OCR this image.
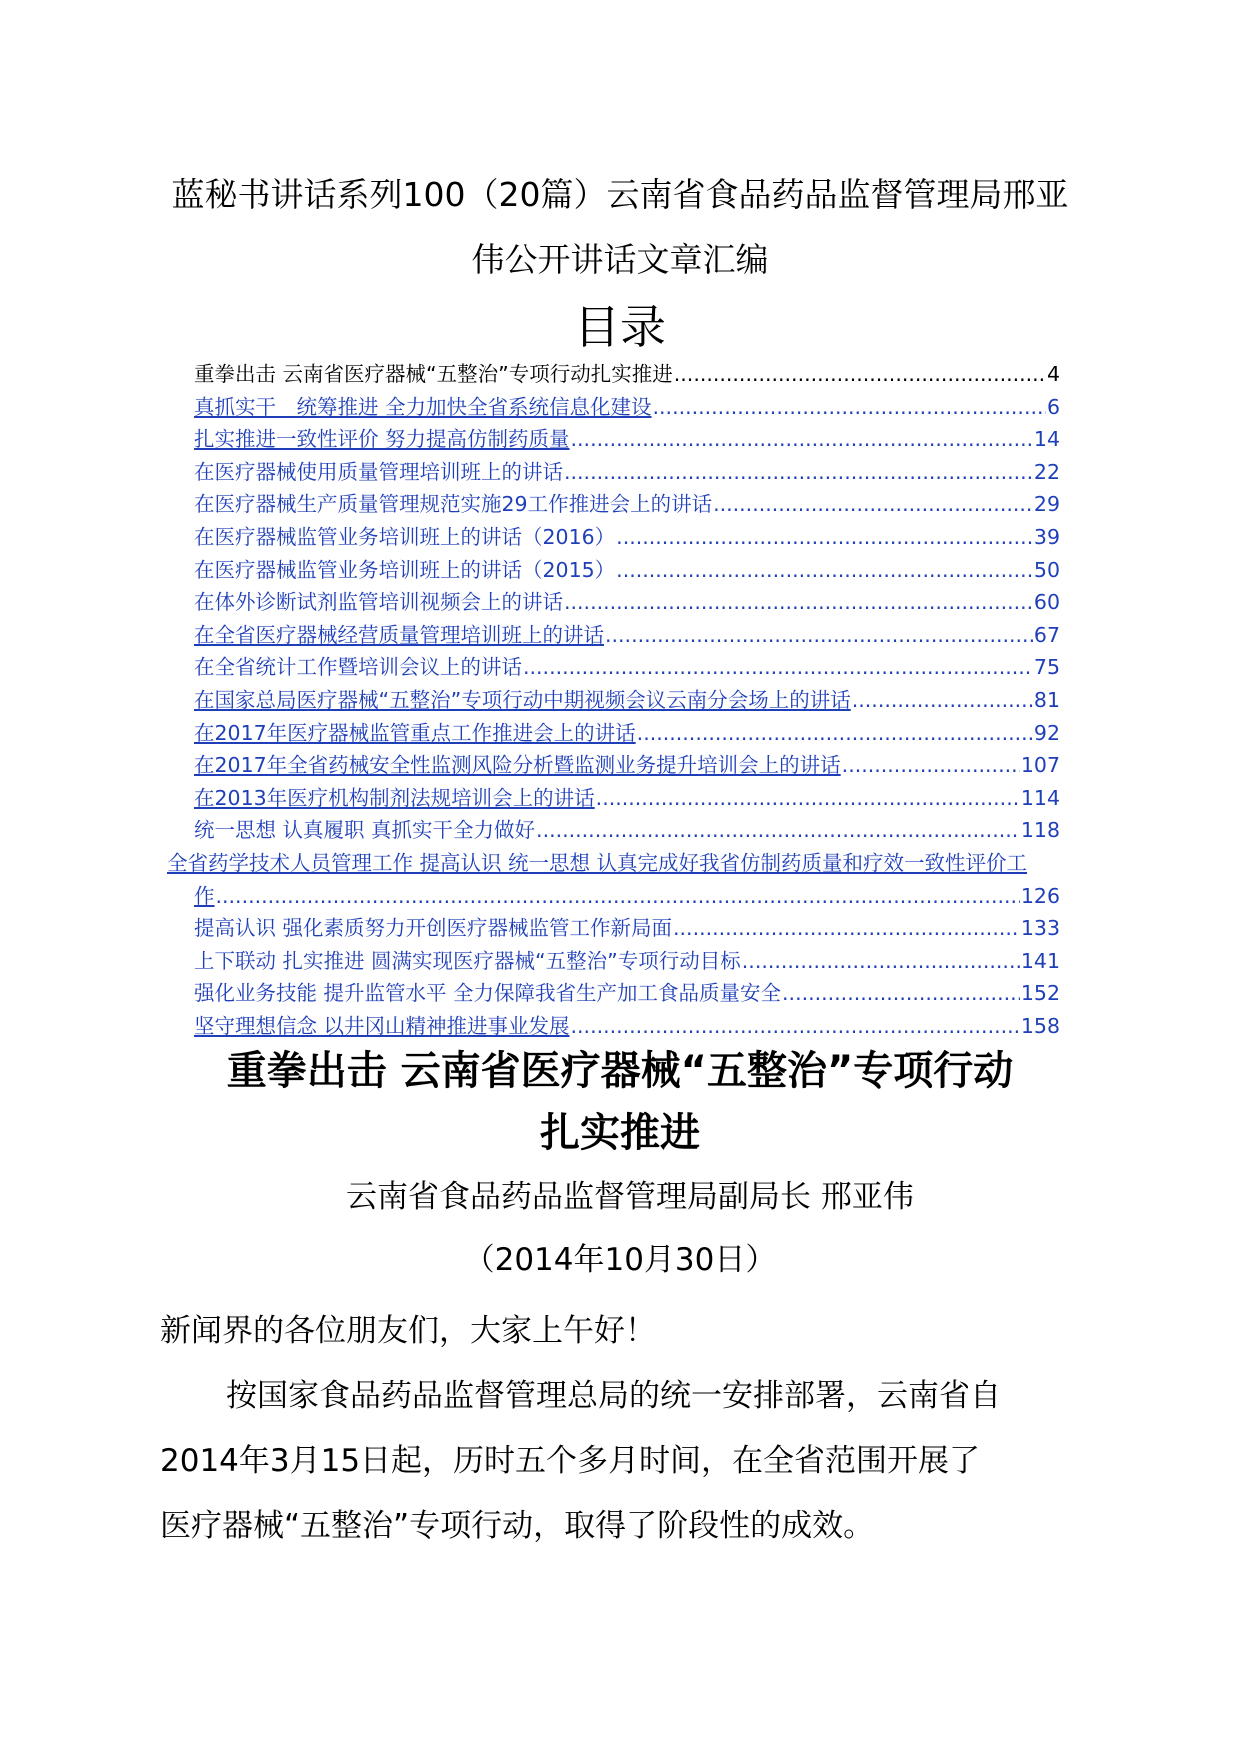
蓝秘书讲话系列100（20篇）云南省食品药品监督管理局邢亚
伟公开讲话文章汇编
目录
重拳出击 云南省医疗器械“五整治”专项行动扎实推进 .....	4
真抓实干　统筹推进 全力加快全省系统信息化建设 .....	6
扎实推进一致性评价 努力提高仿制药质量 .....	14
在医疗器械使用质量管理培训班上的讲话 .....	22
在医疗器械生产质量管理规范实施29工作推进会上的讲话 .....	29
在医疗器械监管业务培训班上的讲话（2016） .....	39
在医疗器械监管业务培训班上的讲话（2015） .....	50
在体外诊断试剂监管培训视频会上的讲话 .....	60
在全省医疗器械经营质量管理培训班上的讲话 .....	67
在全省统计工作暨培训会议上的讲话 .....	75
在国家总局医疗器械“五整治”专项行动中期视频会议云南分会场上的讲话 .....	81
在2017年医疗器械监管重点工作推进会上的讲话 .....	92
在2017年全省药械安全性监测风险分析暨监测业务提升培训会上的讲话 .....	107
在2013年医疗机构制剂法规培训会上的讲话 .....	114
统一思想 认真履职 真抓实干全力做好 .....	118
全省药学技术人员管理工作 提高认识 统一思想 认真完成好我省仿制药质量和疗效一致性评价工
作 .....	126
提高认识 强化素质努力开创医疗器械监管工作新局面 .....	133
上下联动 扎实推进 圆满实现医疗器械“五整治”专项行动目标 .....	141
强化业务技能 提升监管水平 全力保障我省生产加工食品质量安全 .....	152
坚守理想信念 以井冈山精神推进事业发展 .....	158
重拳出击 云南省医疗器械“五整治”专项行动
扎实推进
云南省食品药品监督管理局副局长 邢亚伟
（2014年10月30日）
新闻界的各位朋友们，大家上午好！
按国家食品药品监督管理总局的统一安排部署，云南省自
2014年3月15日起，历时五个多月时间，在全省范围开展了
医疗器械“五整治”专项行动，取得了阶段性的成效。
